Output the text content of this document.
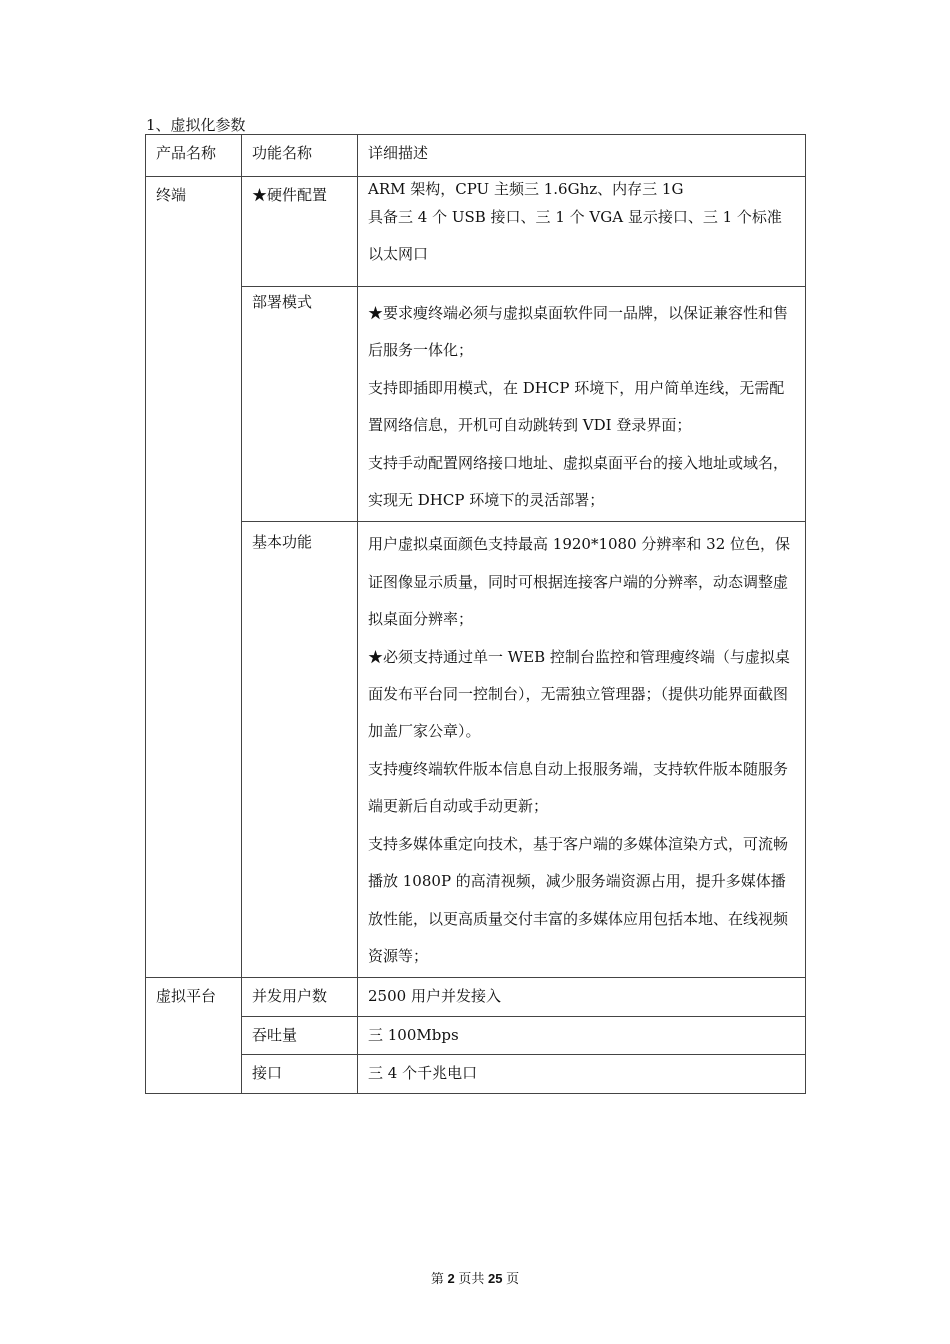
1、虚拟化参数
产品名称	功能名称	详细描述
终端	★硬件配置	ARM 架构，CPU 主频三 1.6Ghz、内存三 1G
具备三 4 个 USB 接口、三 1 个 VGA 显示接口、三 1 个标准以太网口

	部署模式	★要求瘦终端必须与虚拟桌面软件同一品牌，以保证兼容性和售后服务一体化；
支持即插即用模式，在 DHCP 环境下，用户简单连线，无需配置网络信息，开机可自动跳转到 VDI 登录界面；
支持手动配置网络接口地址、虚拟桌面平台的接入地址或域名，实现无 DHCP 环境下的灵活部署；

	基本功能	用户虚拟桌面颜色支持最高 1920*1080 分辨率和 32 位色，保证图像显示质量，同时可根据连接客户端的分辨率，动态调整虚拟桌面分辨率；
★必须支持通过单一 WEB 控制台监控和管理瘦终端（与虚拟桌面发布平台同一控制台），无需独立管理器；（提供功能界面截图加盖厂家公章）。
支持瘦终端软件版本信息自动上报服务端，支持软件版本随服务端更新后自动或手动更新；
支持多媒体重定向技术，基于客户端的多媒体渲染方式，可流畅播放 1080P 的高清视频，减少服务端资源占用，提升多媒体播放性能，以更高质量交付丰富的多媒体应用包括本地、在线视频资源等；

虚拟平台	并发用户数	2500 用户并发接入
	吞吐量	三 100Mbps
	接口	三 4 个千兆电口
第 2 页共 25 页
